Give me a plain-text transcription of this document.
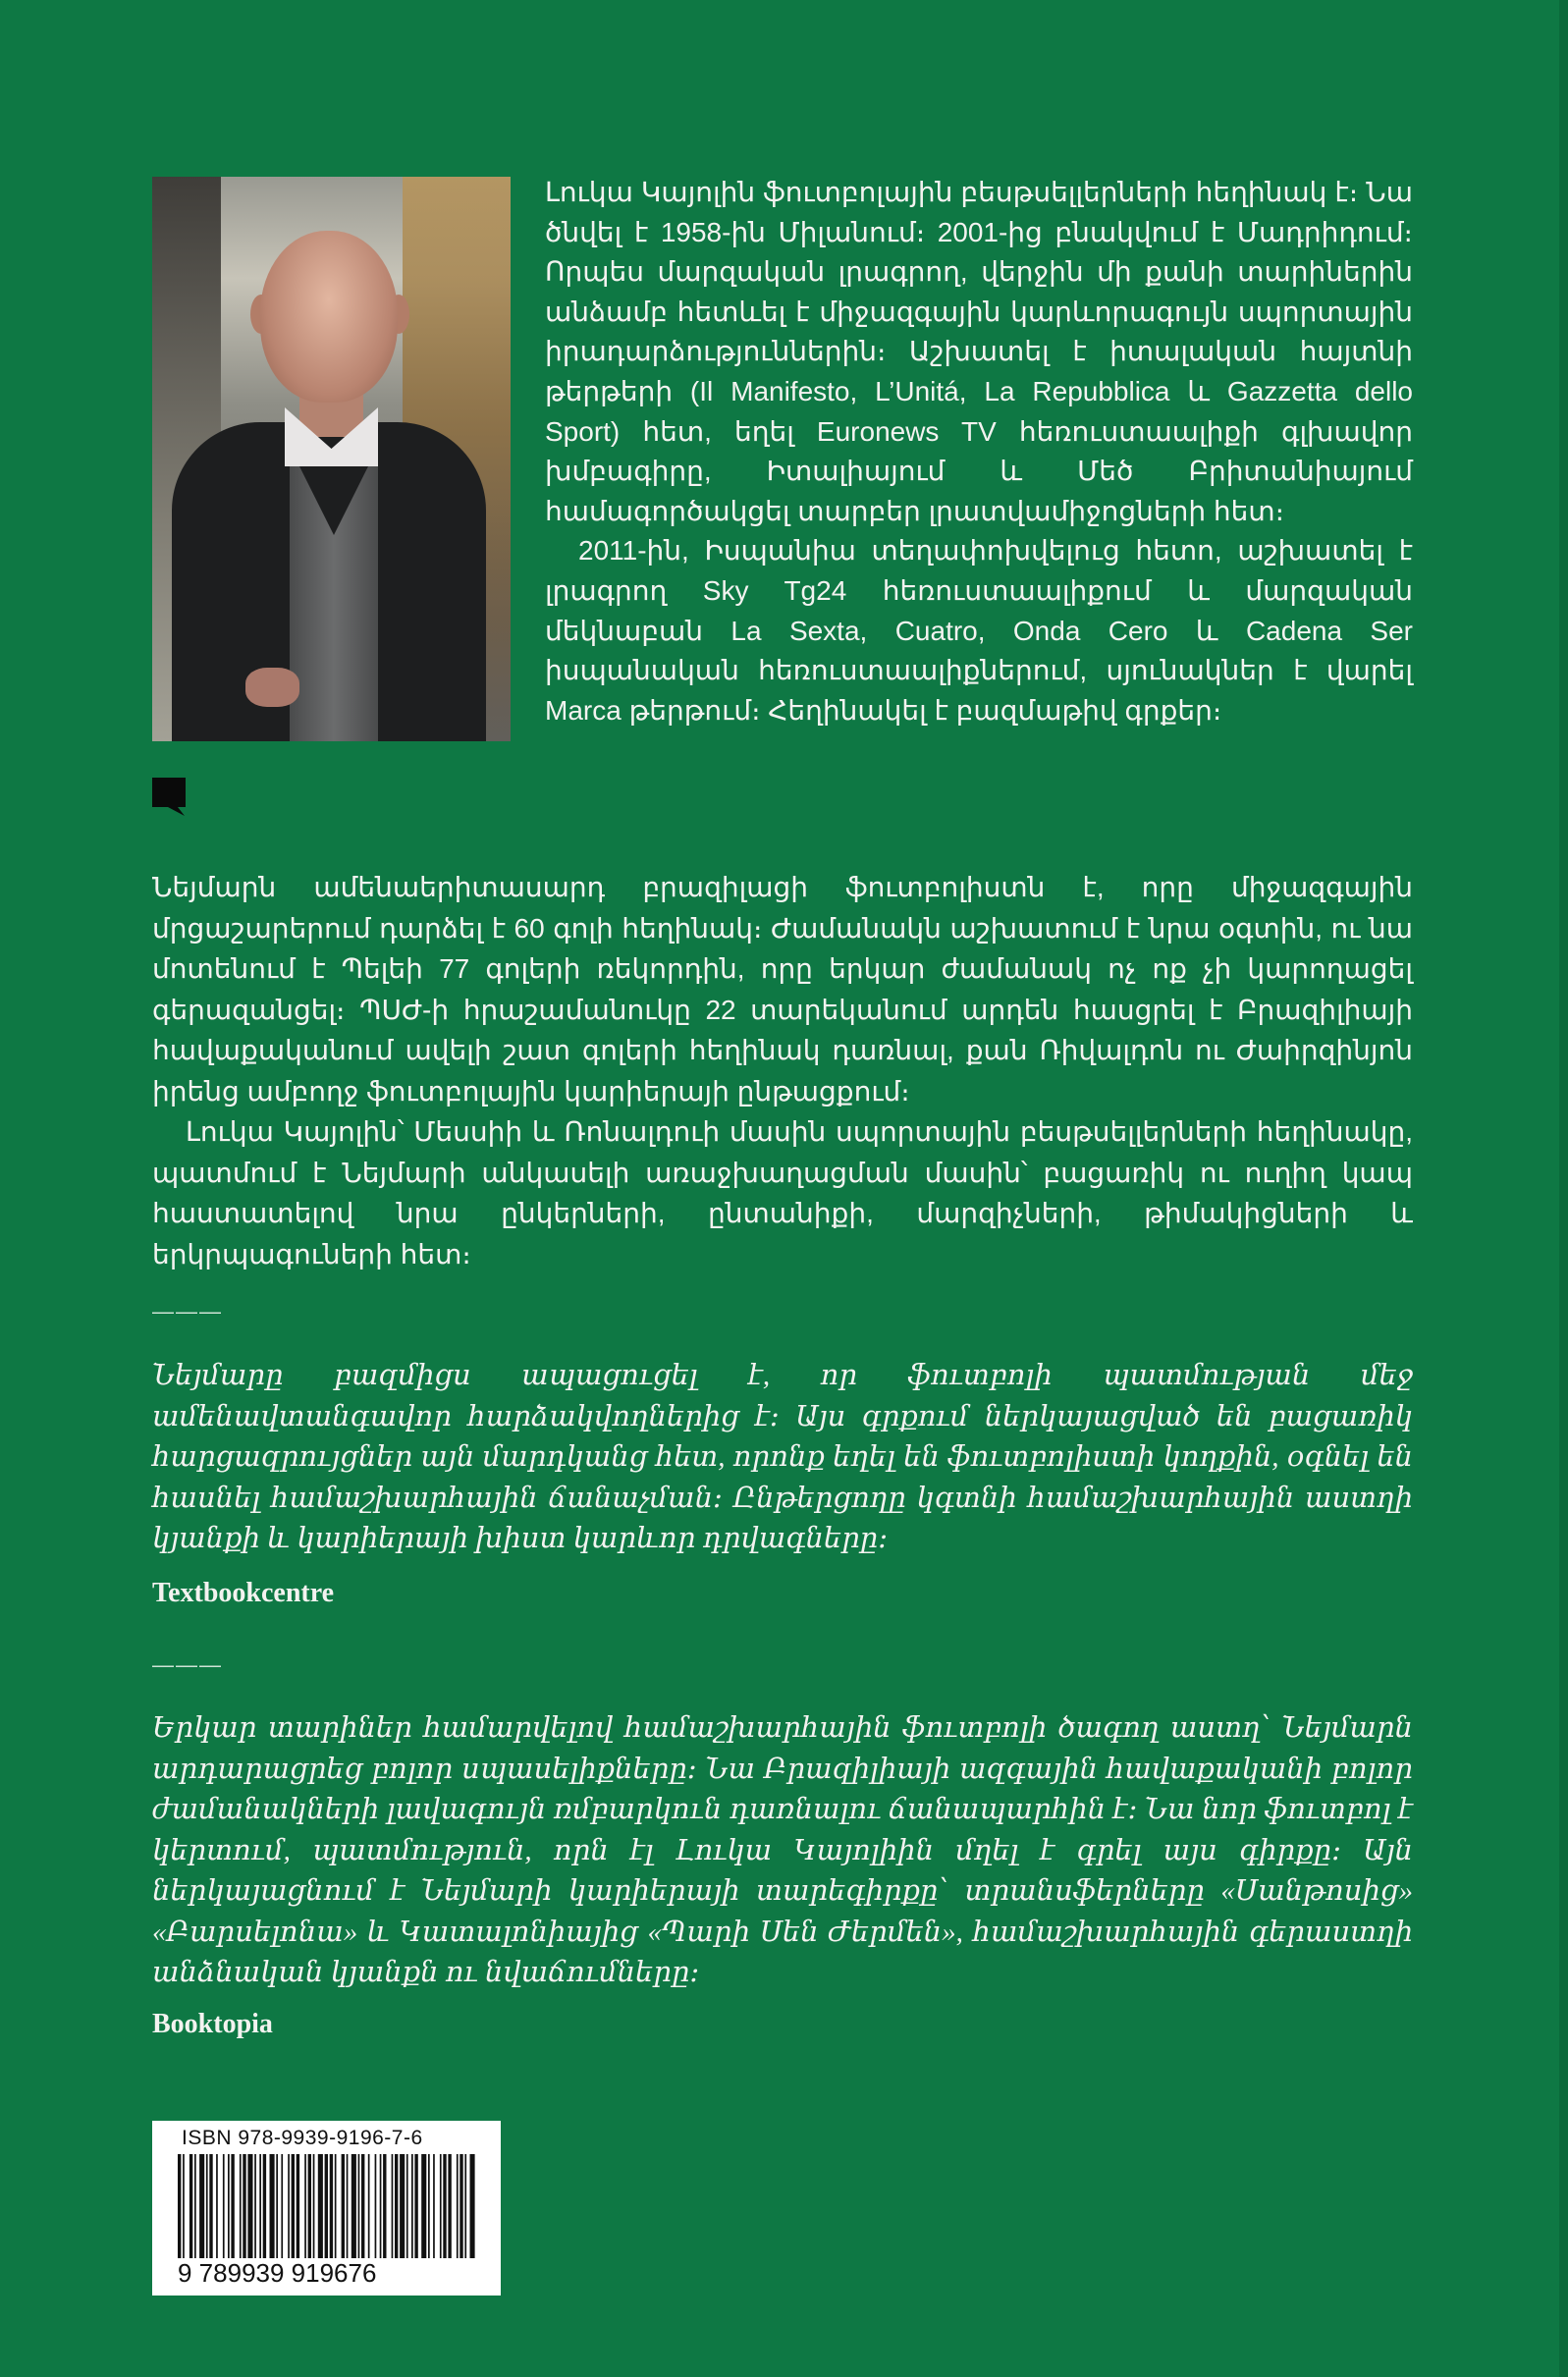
Լուկա Կայոլին ֆուտբոլային բեսթսելլերների հեղինակ է։ Նա ծնվել է 1958-ին Միլանում։ 2001-ից բնակվում է Մադրիդում։ Որպես մարզական լրագրող, վերջին մի քանի տարիներին անձամբ հետևել է միջազգային կարևորագույն սպորտային իրադարձություններին։ Աշխատել է իտալական հայտնի թերթերի (Il Manifesto, L’Unitá, La Repubblica և Gazzetta dello Sport) հետ, եղել Euronews TV հեռուստաալիքի գլխավոր խմբագիրը, Իտալիայում և Մեծ Բրիտանիայում համագործակցել տարբեր լրատվամիջոցների հետ։

2011-ին, Իսպանիա տեղափոխվելուց հետո, աշխատել է լրագրող Sky Tg24 հեռուստաալիքում և մարզական մեկնաբան La Sexta, Cuatro, Onda Cero և Cadena Ser իսպանական հեռուստաալիքներում, սյունակներ է վարել Marca թերթում։ Հեղինակել է բազմաթիվ գրքեր։

Նեյմարն ամենաերիտասարդ բրազիլացի ֆուտբոլիստն է, որը միջազգային մրցաշարերում դարձել է 60 գոլի հեղինակ։ Ժամանակն աշխատում է նրա օգտին, ու նա մոտենում է Պելեի 77 գոլերի ռեկորդին, որը երկար ժամանակ ոչ ոք չի կարողացել գերազանցել։ ՊՍԺ-ի հրաշամանուկը 22 տարեկանում արդեն հասցրել է Բրազիլիայի հավաքականում ավելի շատ գոլերի հեղինակ դառնալ, քան Ռիվալդոն ու Ժաիրզինյոն իրենց ամբողջ ֆուտբոլային կարիերայի ընթացքում։

Լուկա Կայոլին՝ Մեսսիի և Ռոնալդուի մասին սպորտային բեսթսելլերների հեղինակը, պատմում է Նեյմարի անկասելի առաջխաղացման մասին՝ բացառիկ ու ուղիղ կապ հաստատելով նրա ընկերների, ընտանիքի, մարզիչների, թիմակիցների և երկրպագուների հետ։

———
Նեյմարը բազմիցս ապացուցել է, որ ֆուտբոլի պատմության մեջ ամենավտանգավոր հարձակվողներից է։ Այս գրքում ներկայացված են բացառիկ հարցազրույցներ այն մարդկանց հետ, որոնք եղել են ֆուտբոլիստի կողքին, օգնել են հասնել համաշխարհային ճանաչման։ Ընթերցողը կգտնի համաշխարհային աստղի կյանքի և կարիերայի խիստ կարևոր դրվագները։
Textbookcentre
———
Երկար տարիներ համարվելով համաշխարհային ֆուտբոլի ծագող աստղ՝ Նեյմարն արդարացրեց բոլոր սպասելիքները։ Նա Բրազիլիայի ազգային հավաքականի բոլոր ժամանակների լավագույն ռմբարկուն դառնալու ճանապարհին է։ Նա նոր ֆուտբոլ է կերտում, պատմություն, որն էլ Լուկա Կայոլիին մղել է գրել այս գիրքը։ Այն ներկայացնում է Նեյմարի կարիերայի տարեգիրքը՝ տրանսֆերները «Սանթոսից» «Բարսելոնա» և Կատալոնիայից «Պարի Սեն Ժերմեն», համաշխարհային գերաստղի անձնական կյանքն ու նվաճումները։
Booktopia
ISBN 978-9939-9196-7-6
9 789939 919676
